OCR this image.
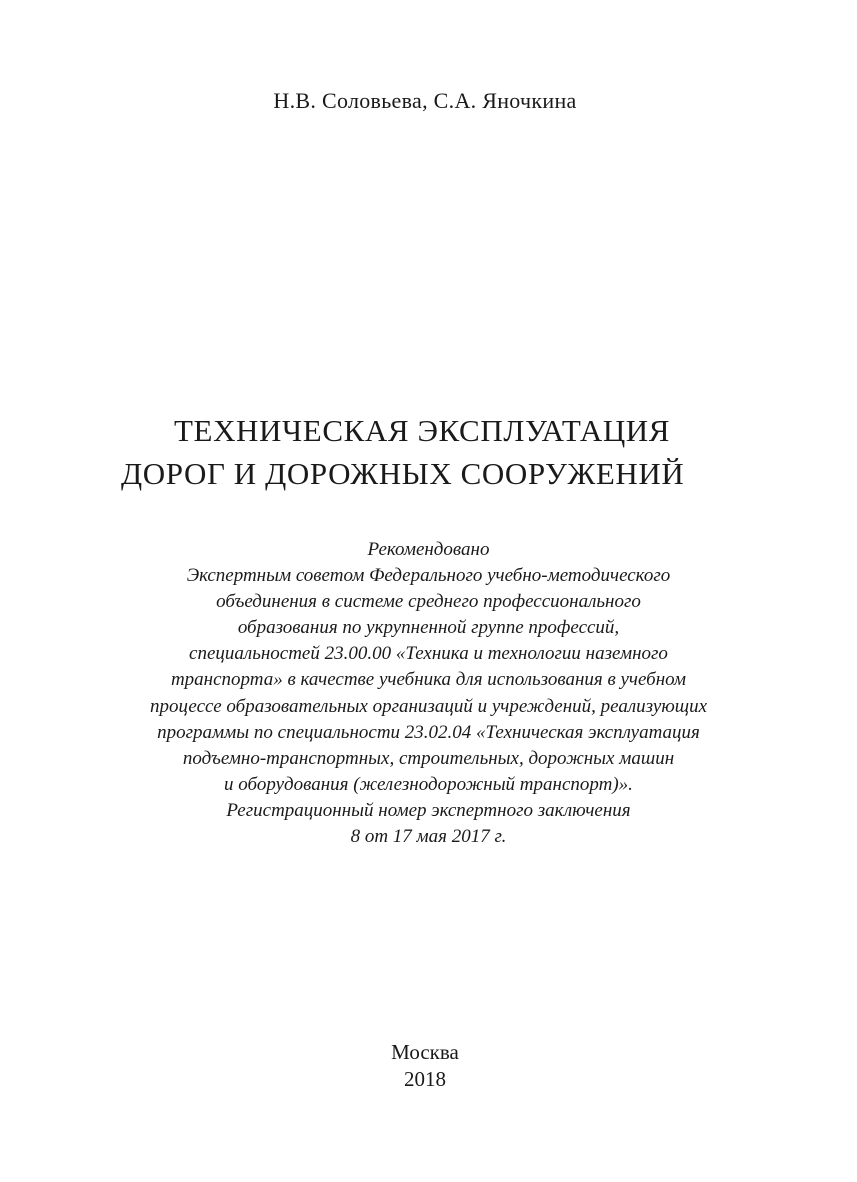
Н.В. Соловьева, С.А. Яночкина
ТЕХНИЧЕСКАЯ ЭКСПЛУАТАЦИЯ
ДОРОГ И ДОРОЖНЫХ СООРУЖЕНИЙ
Рекомендовано
Экспертным советом Федерального учебно-методического
объединения в системе среднего профессионального
образования по укрупненной группе профессий,
специальностей 23.00.00 «Техника и технологии наземного
транспорта» в качестве учебника для использования в учебном
процессе образовательных организаций и учреждений, реализующих
программы по специальности 23.02.04 «Техническая эксплуатация
подъемно-транспортных, строительных, дорожных машин
и оборудования (железнодорожный транспорт)».
Регистрационный номер экспертного заключения
8 от 17 мая 2017 г.
Москва
2018
